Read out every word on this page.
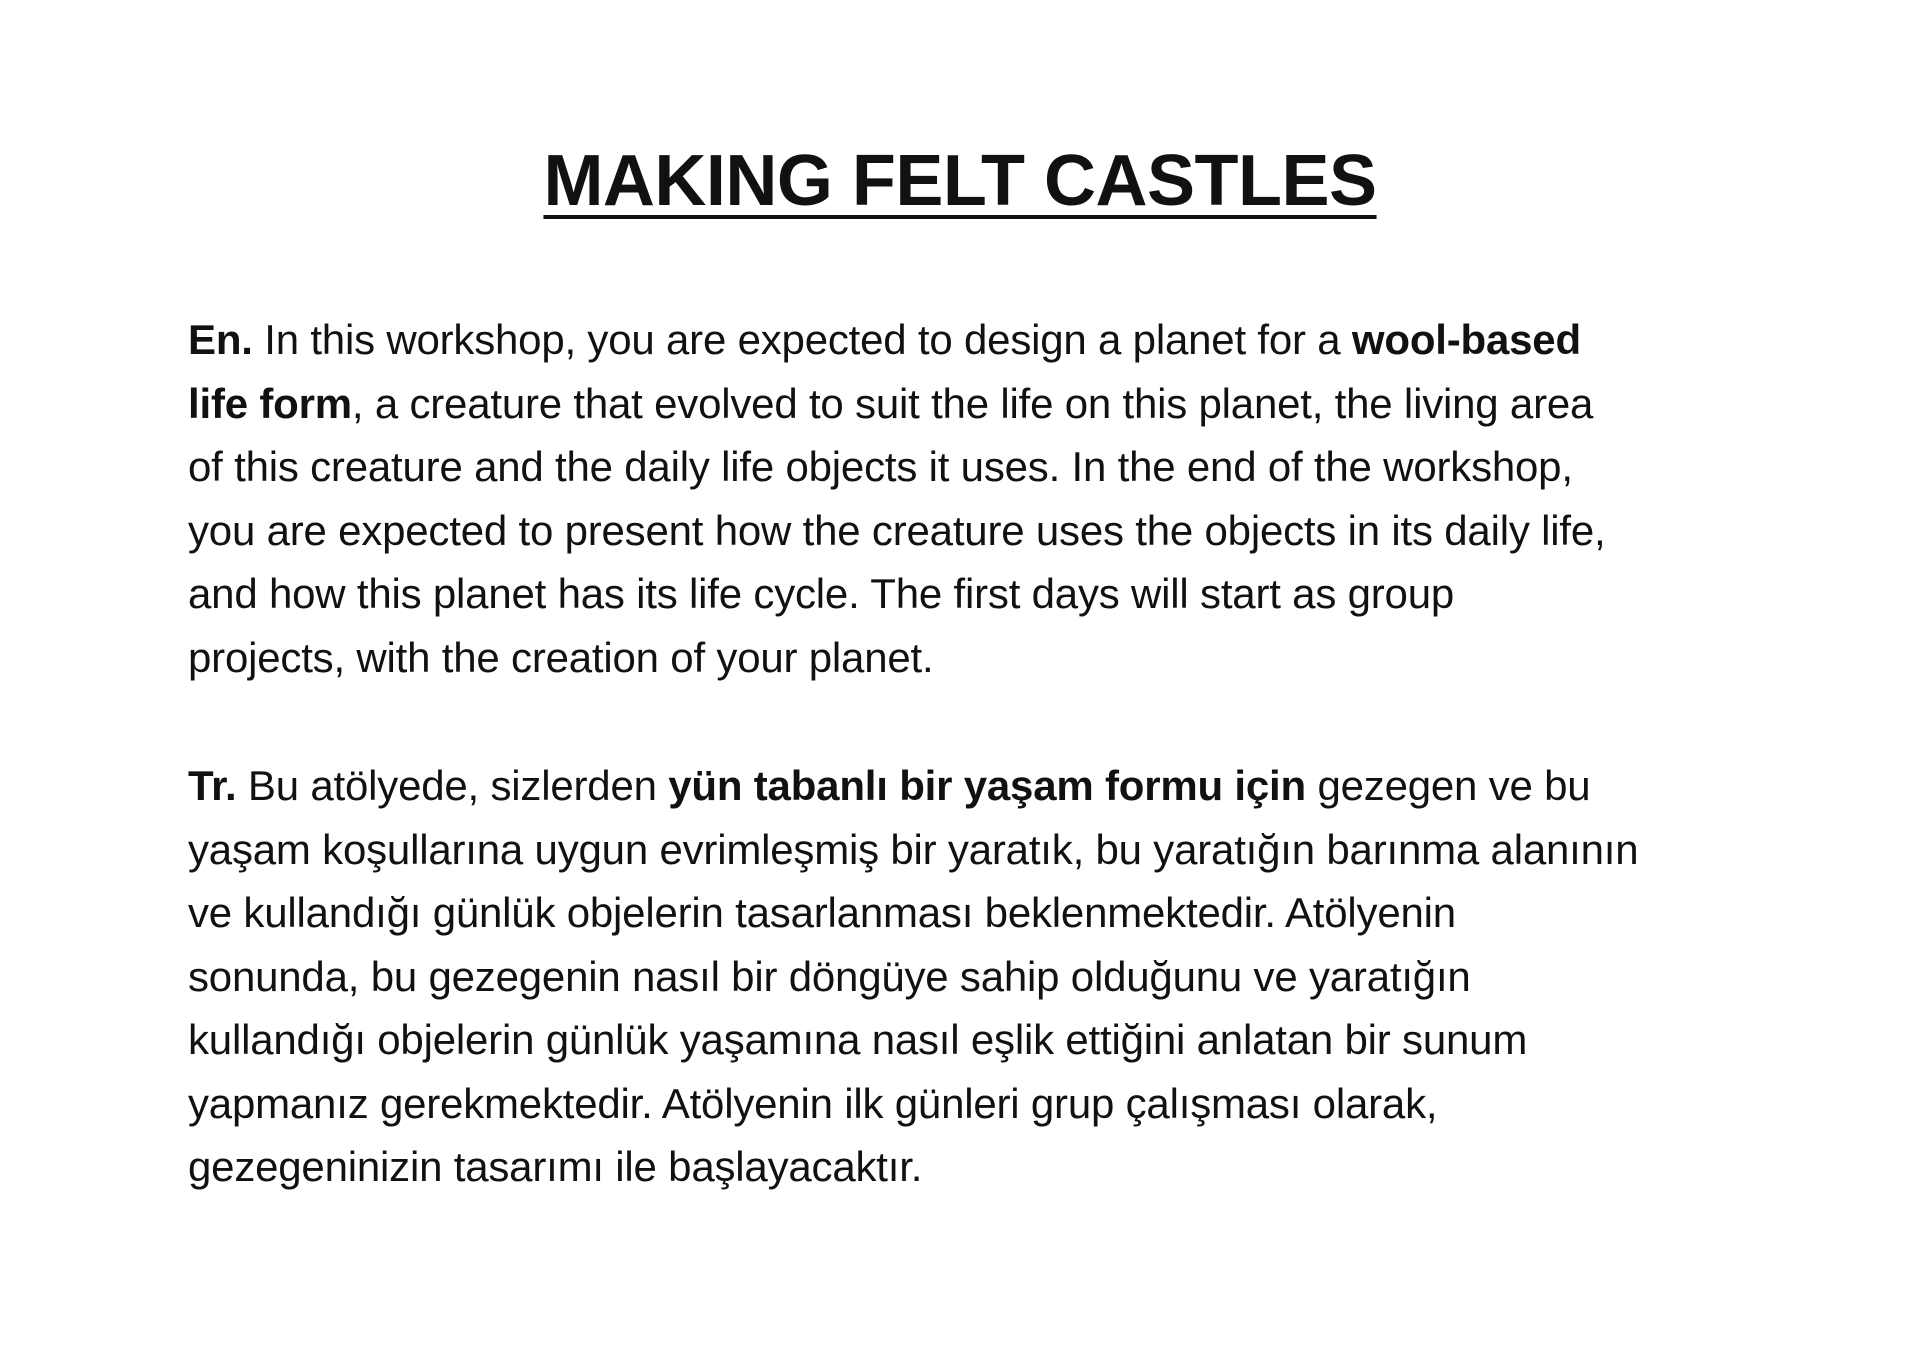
MAKING FELT CASTLES

En. In this workshop, you are expected to design a planet for a wool-based
life form, a creature that evolved to suit the life on this planet, the living area
of this creature and the daily life objects it uses. In the end of the workshop,
you are expected to present how the creature uses the objects in its daily life,
and how this planet has its life cycle. The first days will start as group
projects, with the creation of your planet.

Tr. Bu atölyede, sizlerden yün tabanlı bir yaşam formu için gezegen ve bu
yaşam koşullarına uygun evrimleşmiş bir yaratık, bu yaratığın barınma alanının
ve kullandığı günlük objelerin tasarlanması beklenmektedir. Atölyenin
sonunda, bu gezegenin nasıl bir döngüye sahip olduğunu ve yaratığın
kullandığı objelerin günlük yaşamına nasıl eşlik ettiğini anlatan bir sunum
yapmanız gerekmektedir. Atölyenin ilk günleri grup çalışması olarak,
gezegeninizin tasarımı ile başlayacaktır.
